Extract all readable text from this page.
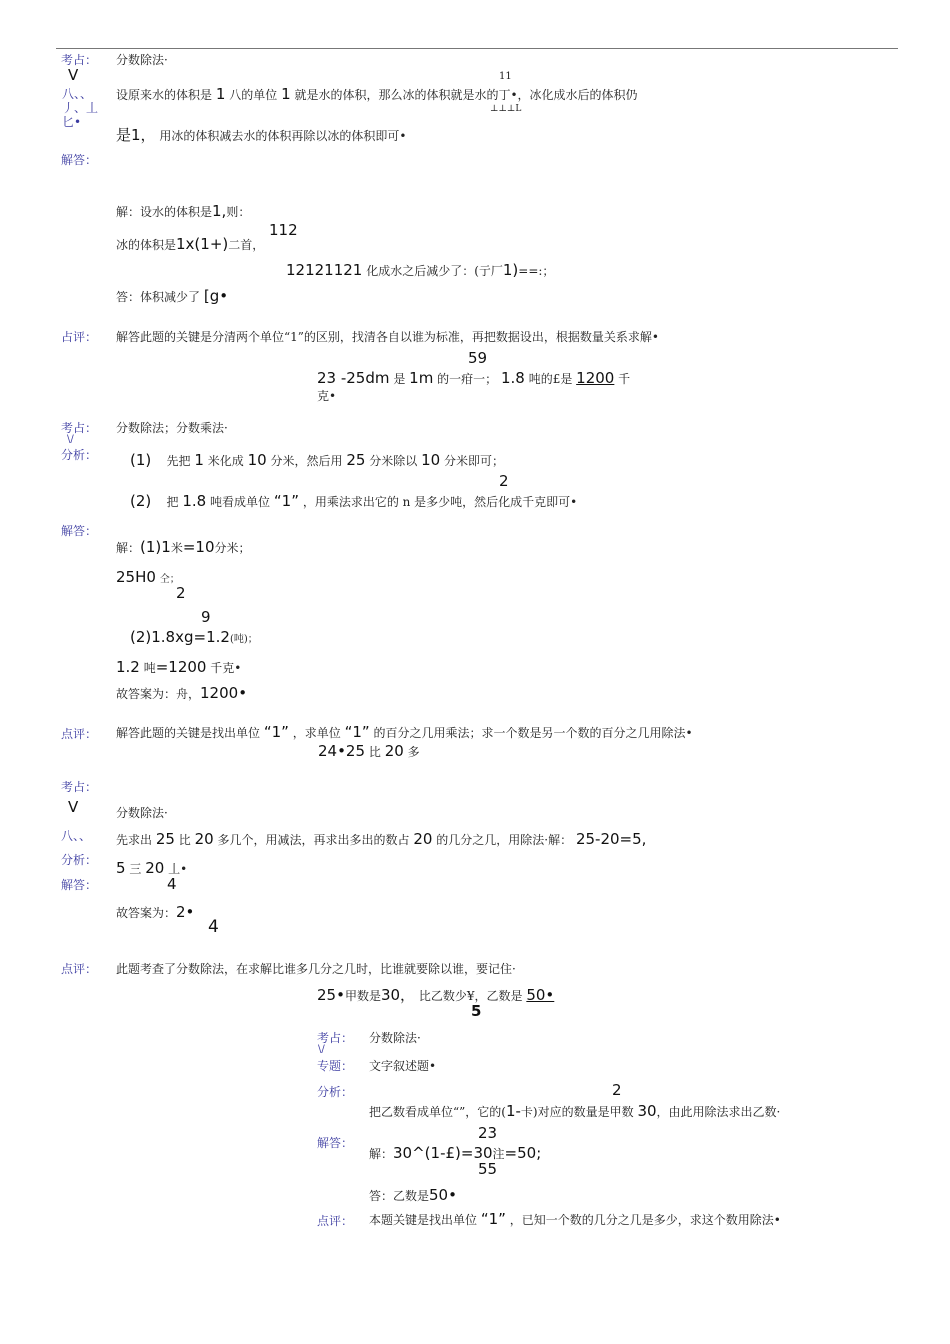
考占： 分数除法·
V
八、、
丿、丄
匕•
11
设原来水的体积是 1 八的单位 1 就是水的体积，那么冰的体积就是水的丁•，冰化成水后的体积仍
⊥⊥⊥L
是1， 用冰的体积减去水的体积再除以冰的体积即可•
解答：
解：设水的体积是1,则：
112
冰的体积是1x(1+)二首，
12121121 化成水之后减少了：(亍厂1)==:；
答：体积减少了 [g•
占评： 解答此题的关键是分清两个单位“1”的区别，找清各自以谁为标准，再把数据设出，根据数量关系求解•
59
23 -25dm 是 1m 的一疳一； 1.8 吨的£是 1200 千
克•
考占： 分数除法；分数乘法·
\/
分析： (1) 先把 1 米化成 10 分米，然后用 25 分米除以 10 分米即可；
2
(2) 把 1.8 吨看成单位 “1” ，用乘法求出它的 n 是多少吨，然后化成千克即可•
解答：
解：(1)1米=10分米；
25H0 仝；
2
9
(2)1.8xg=1.2(吨)；
1.2 吨=1200 千克•
故答案为：舟，1200•
点评： 解答此题的关键是找出单位 “1” ，求单位 “1” 的百分之几用乘法；求一个数是另一个数的百分之几用除法•
24•25 比 20 多
考占：
V	分数除法·
八、、 先求出 25 比 20 多几个，用减法，再求出多出的数占 20 的几分之几，用除法·解： 25-20=5,
分析： 5 三 20 丄•
解答：	4
故答案为：2•
4
点评： 此题考查了分数除法，在求解比谁多几分之几时，比谁就要除以谁，要记住·
25•甲数是30， 比乙数少¥，乙数是 50•
5
考占： 分数除法·
\/
专题： 文字叙述题•
分析：	2
把乙数看成单位“”，它的(1-卡)对应的数量是甲数 30，由此用除法求出乙数·
23
解答：
解：30^(1-£)=30注=50;
55
答：乙数是50•
点评： 本题关键是找出单位 “1” ，已知一个数的几分之几是多少，求这个数用除法•
